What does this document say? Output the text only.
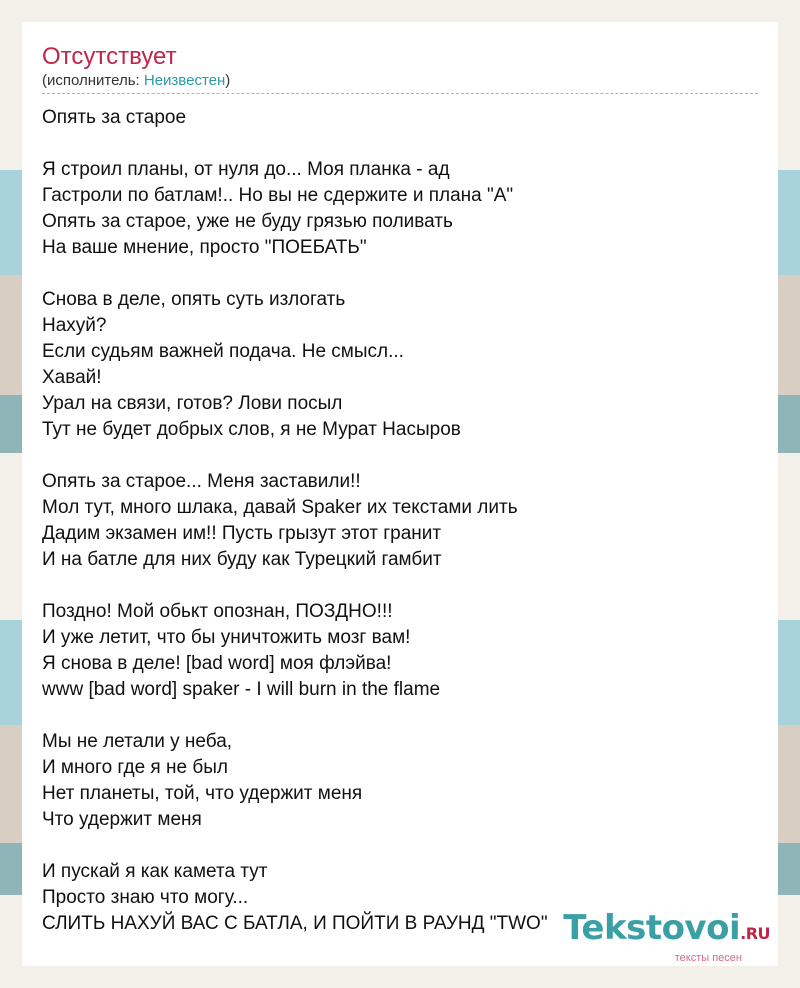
Отсутствует
(исполнитель: Неизвестен)
Опять за старое

Я строил планы, от нуля до... Моя планка - ад
Гастроли по батлам!.. Но вы не сдержите и плана "А"
Опять за старое, уже не буду грязью поливать
На ваше мнение, просто "ПОЕБАТЬ"

Снова в деле, опять суть излогать
Нахуй?
Если судьям важней подача. Не смысл...
Хавай!
Урал на связи, готов? Лови посыл
Тут не будет добрых слов, я не Мурат Насыров

Опять за старое... Меня заставили!!
Мол тут, много шлака, давай Spaker их текстами лить
Дадим экзамен им!! Пусть грызут этот гранит
И на батле для них буду как Турецкий гамбит

Поздно! Мой обькт опознан, ПОЗДНО!!!
И уже летит, что бы уничтожить мозг вам!
Я снова в деле! [bad word] моя флэйва!
www [bad word] spaker - I will burn in the flame

Мы не летали у неба,
И много где я не был
Нет планеты, той, что удержит меня
Что удержит меня

И пускай я как камета тут
Просто знаю что могу...
СЛИТЬ НАХУЙ ВАС С БАТЛА, И ПОЙТИ В РАУНД "TWO" Tekstovoi.RU
тексты песен
